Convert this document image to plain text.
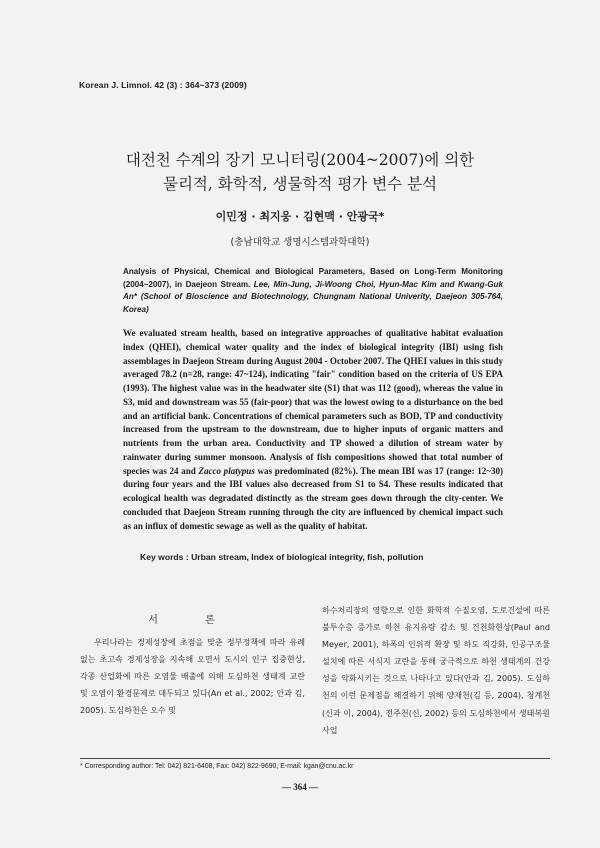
Korean J. Limnol. 42 (3) : 364~373 (2009)
대전천 수계의 장기 모니터링(2004~2007)에 의한
물리적, 화학적, 생물학적 평가 변수 분석
이민정 · 최지웅 · 김현맥 · 안광국*
(충남대학교 생명시스템과학대학)
Analysis of Physical, Chemical and Biological Parameters, Based on Long-Term Monitoring (2004~2007), in Daejeon Stream. Lee, Min-Jung, Ji-Woong Choi, Hyun-Mac Kim and Kwang-Guk An* (School of Bioscience and Biotechnology, Chungnam National Univerity, Daejeon 305-764, Korea)

We evaluated stream health, based on integrative approaches of qualitative habitat evaluation index (QHEI), chemical water quality and the index of biological integrity (IBI) using fish assemblages in Daejeon Stream during August 2004 - October 2007. The QHEI values in this study averaged 78.2 (n=28, range: 47~124), indicating "fair" condition based on the criteria of US EPA (1993). The highest value was in the headwater site (S1) that was 112 (good), whereas the value in S3, mid and downstream was 55 (fair-poor) that was the lowest owing to a disturbance on the bed and an artificial bank. Concentrations of chemical parameters such as BOD, TP and conductivity increased from the upstream to the downstream, due to higher inputs of organic matters and nutrients from the urban area. Conductivity and TP showed a dilution of stream water by rainwater during summer monsoon. Analysis of fish compositions showed that total number of species was 24 and Zacco platypus was predominated (82%). The mean IBI was 17 (range: 12~30) during four years and the IBI values also decreased from S1 to S4. These results indicated that ecological health was degradated distinctly as the stream goes down through the city-center. We concluded that Daejeon Stream running through the city are influenced by chemical impact such as an influx of domestic sewage as well as the quality of habitat.

Key words : Urban stream, Index of biological integrity, fish, pollution
서 론

우리나라는 경제성장에 초점을 맞춘 정부정책에 따라 유례 없는 초고속 경제성장을 지속해 오면서 도시의 인구 집중현상, 각종 산업화에 따른 오염물 배출에 의해 도심하천 생태계 교란 및 오염이 환경문제로 대두되고 있다(An et al., 2002; 안과 김, 2005). 도심하천은 오수 및

하수처리장의 영향으로 인한 화학적 수질오염, 도로건설에 따른 불투수층 증가로 하천 유지유량 감소 및 건천화현상(Paul and Meyer, 2001), 하폭의 인위적 확장 및 하도 직강화, 인공구조물 설치에 따른 서식지 교란을 통해 궁극적으로 하천 생태계의 건강성을 악화시키는 것으로 나타나고 있다(안과 김, 2005). 도심하천의 이런 문제점을 해결하기 위해 양재천(김 등, 2004), 청계천(신과 이, 2004), 전주천(신, 2002) 등의 도심하천에서 생태복원사업

* Corresponding author: Tel: 042) 821-6408, Fax: 042) 822-9690, E-mail: kgan@cnu.ac.kr
— 364 —
